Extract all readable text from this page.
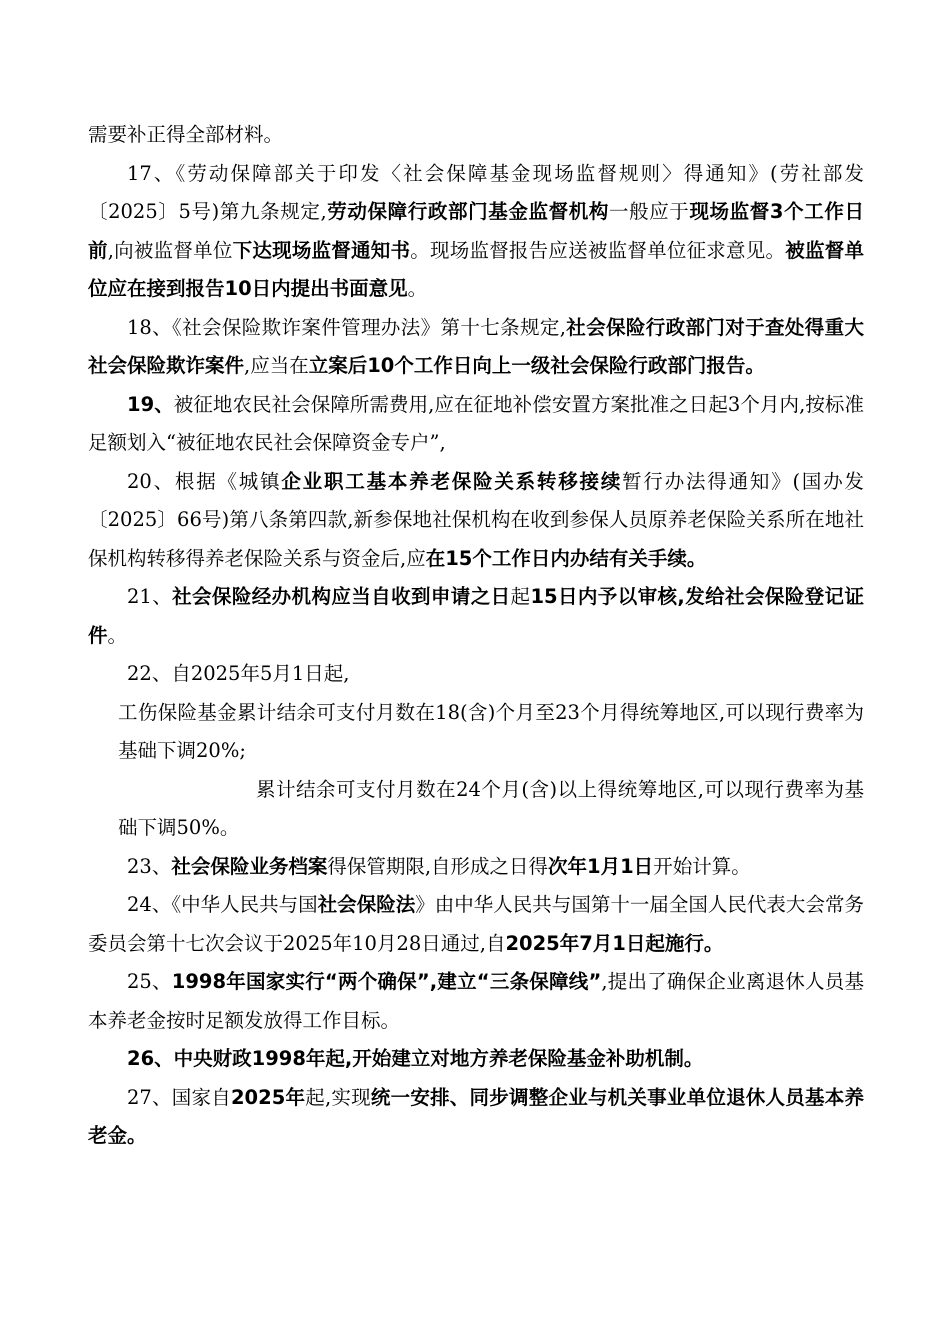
需要补正得全部材料。

17、《劳动保障部关于印发〈社会保障基金现场监督规则〉得通知》(劳社部发〔2025〕5号)第九条规定,劳动保障行政部门基金监督机构一般应于现场监督3个工作日前,向被监督单位下达现场监督通知书。现场监督报告应送被监督单位征求意见。被监督单位应在接到报告10日内提出书面意见。

18、《社会保险欺诈案件管理办法》第十七条规定,社会保险行政部门对于查处得重大社会保险欺诈案件,应当在立案后10个工作日向上一级社会保险行政部门报告。

19、被征地农民社会保障所需费用,应在征地补偿安置方案批准之日起3个月内,按标准足额划入“被征地农民社会保障资金专户”,

20、根据《城镇企业职工基本养老保险关系转移接续暂行办法得通知》(国办发〔2025〕66号)第八条第四款,新参保地社保机构在收到参保人员原养老保险关系所在地社保机构转移得养老保险关系与资金后,应在15个工作日内办结有关手续。

21、社会保险经办机构应当自收到申请之日起15日内予以审核,发给社会保险登记证件。

22、自2025年5月1日起,

工伤保险基金累计结余可支付月数在18(含)个月至23个月得统筹地区,可以现行费率为基础下调20%;

累计结余可支付月数在24个月(含)以上得统筹地区,可以现行费率为基础下调50%。

23、社会保险业务档案得保管期限,自形成之日得次年1月1日开始计算。

24、《中华人民共与国社会保险法》由中华人民共与国第十一届全国人民代表大会常务委员会第十七次会议于2025年10月28日通过,自2025年7月1日起施行。

25、1998年国家实行“两个确保”,建立“三条保障线”,提出了确保企业离退休人员基本养老金按时足额发放得工作目标。

26、中央财政1998年起,开始建立对地方养老保险基金补助机制。

27、国家自2025年起,实现统一安排、同步调整企业与机关事业单位退休人员基本养老金。
